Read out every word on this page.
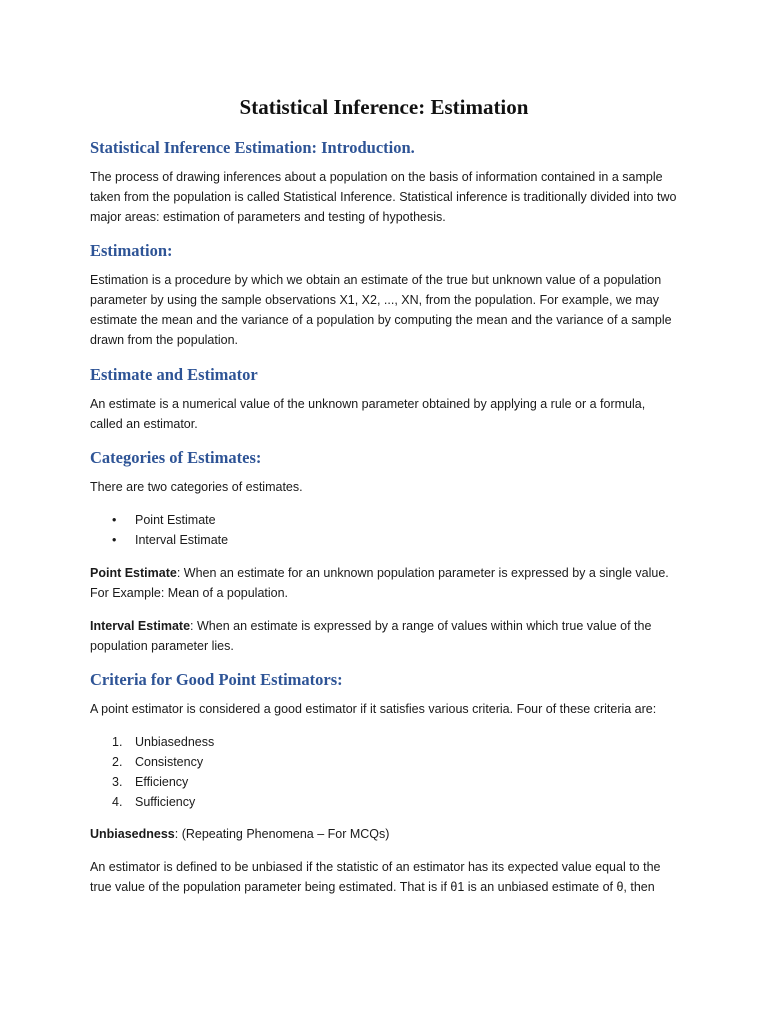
Statistical Inference: Estimation
Statistical Inference Estimation: Introduction.

The process of drawing inferences about a population on the basis of information contained in a sample taken from the population is called Statistical Inference. Statistical inference is traditionally divided into two major areas: estimation of parameters and testing of hypothesis.

Estimation:

Estimation is a procedure by which we obtain an estimate of the true but unknown value of a population parameter by using the sample observations X1, X2, ..., XN, from the population. For example, we may estimate the mean and the variance of a population by computing the mean and the variance of a sample drawn from the population.

Estimate and Estimator

An estimate is a numerical value of the unknown parameter obtained by applying a rule or a formula, called an estimator.

Categories of Estimates:

There are two categories of estimates.

• Point Estimate
• Interval Estimate

Point Estimate: When an estimate for an unknown population parameter is expressed by a single value. For Example: Mean of a population.

Interval Estimate: When an estimate is expressed by a range of values within which true value of the population parameter lies.

Criteria for Good Point Estimators:

A point estimator is considered a good estimator if it satisfies various criteria. Four of these criteria are:

1. Unbiasedness
2. Consistency
3. Efficiency
4. Sufficiency

Unbiasedness: (Repeating Phenomena – For MCQs)

An estimator is defined to be unbiased if the statistic of an estimator has its expected value equal to the true value of the population parameter being estimated. That is if θ1 is an unbiased estimate of θ, then
